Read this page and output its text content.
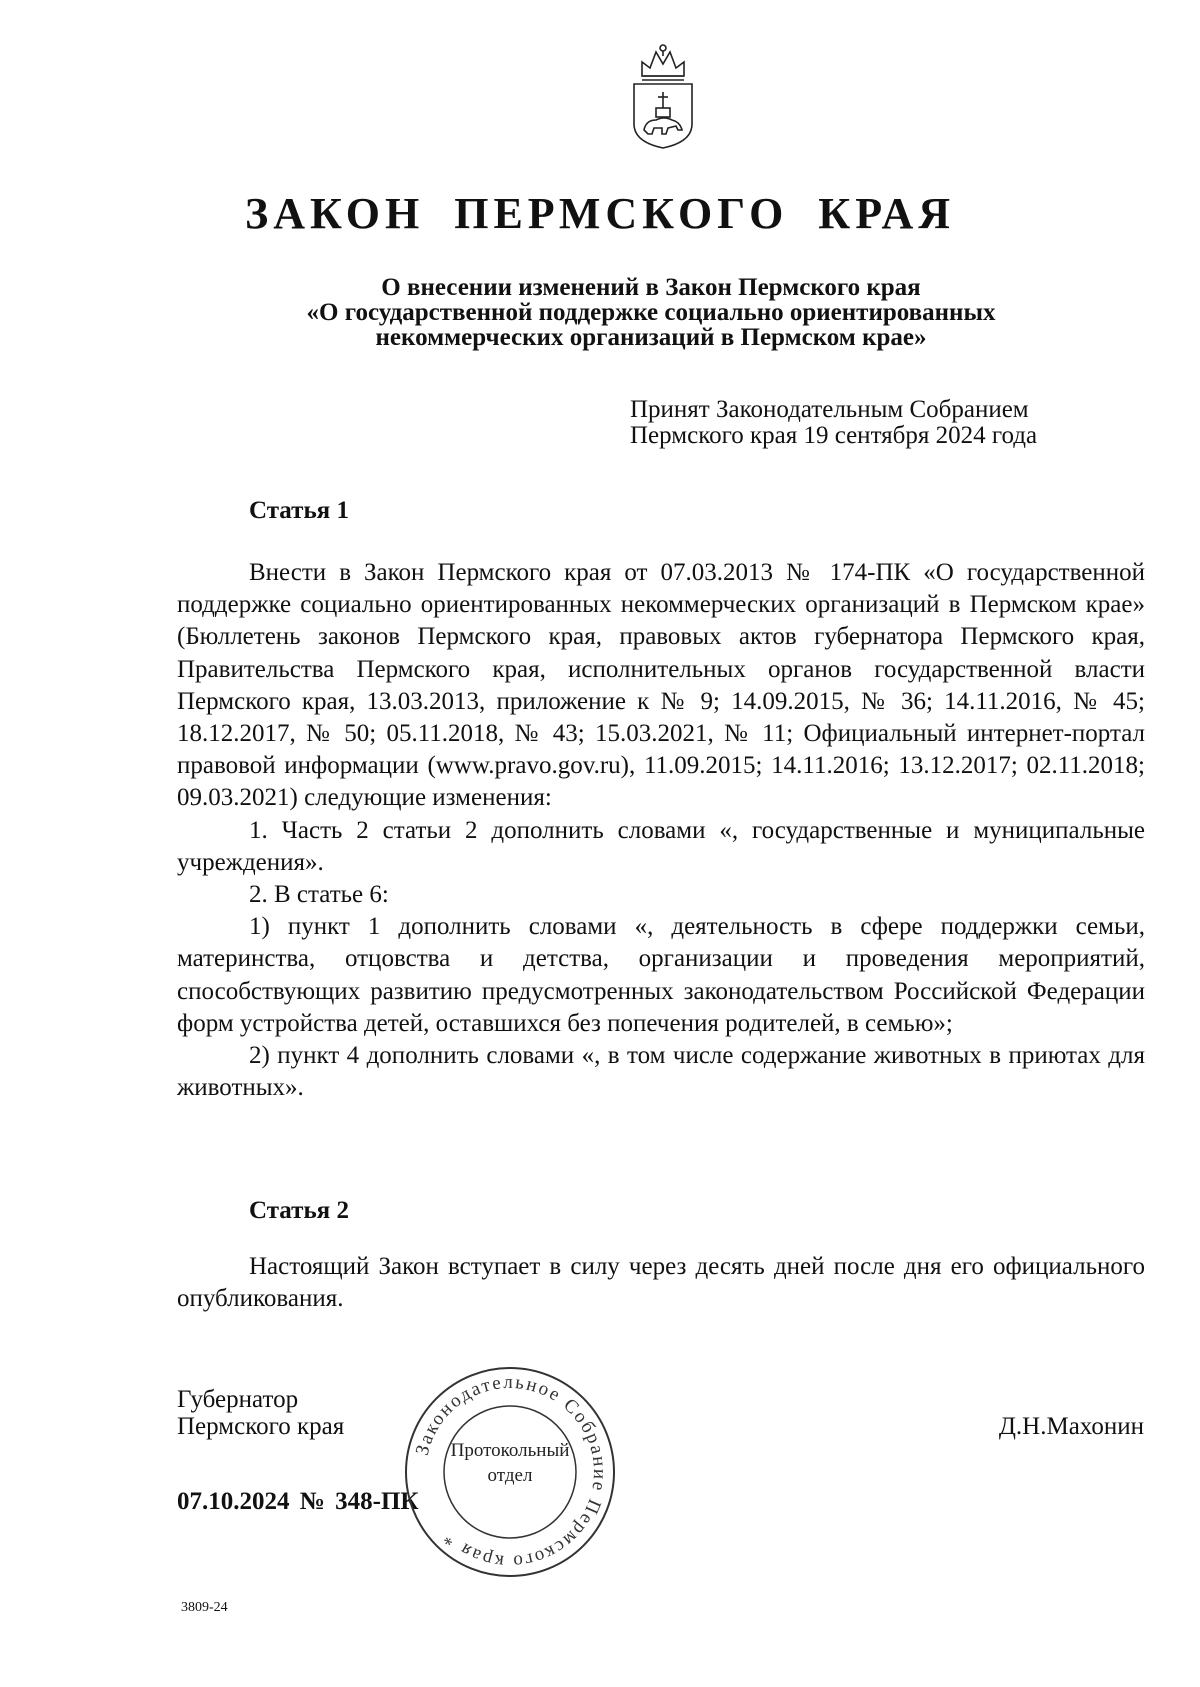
ЗАКОН ПЕРМСКОГО КРАЯ
О внесении изменений в Закон Пермского края
«О государственной поддержке социально ориентированных
некоммерческих организаций в Пермском крае»
Принят Законодательным Собранием
Пермского края 19 сентября 2024 года
Статья 1

Внести в Закон Пермского края от 07.03.2013 № 174-ПК «О государственной поддержке социально ориентированных некоммерческих организаций в Пермском крае» (Бюллетень законов Пермского края, правовых актов губернатора Пермского края, Правительства Пермского края, исполнительных органов государственной власти Пермского края, 13.03.2013, приложение к № 9; 14.09.2015, № 36; 14.11.2016, № 45; 18.12.2017, № 50; 05.11.2018, № 43; 15.03.2021, № 11; Официальный интернет-портал правовой информации (www.pravo.gov.ru), 11.09.2015; 14.11.2016; 13.12.2017; 02.11.2018; 09.03.2021) следующие изменения:

1. Часть 2 статьи 2 дополнить словами «, государственные и муниципальные учреждения».

2. В статье 6:

1) пункт 1 дополнить словами «, деятельность в сфере поддержки семьи, материнства, отцовства и детства, организации и проведения мероприятий, способствующих развитию предусмотренных законодательством Российской Федерации форм устройства детей, оставшихся без попечения родителей, в семью»;

2) пункт 4 дополнить словами «, в том числе содержание животных в приютах для животных».

Статья 2

Настоящий Закон вступает в силу через десять дней после дня его официального опубликования.

Губернатор
Пермского края	Д.Н.Махонин
07.10.2024 № 348-ПК
Законодательное Собрание Пермского края *
Протокольный
отдел
3809-24
